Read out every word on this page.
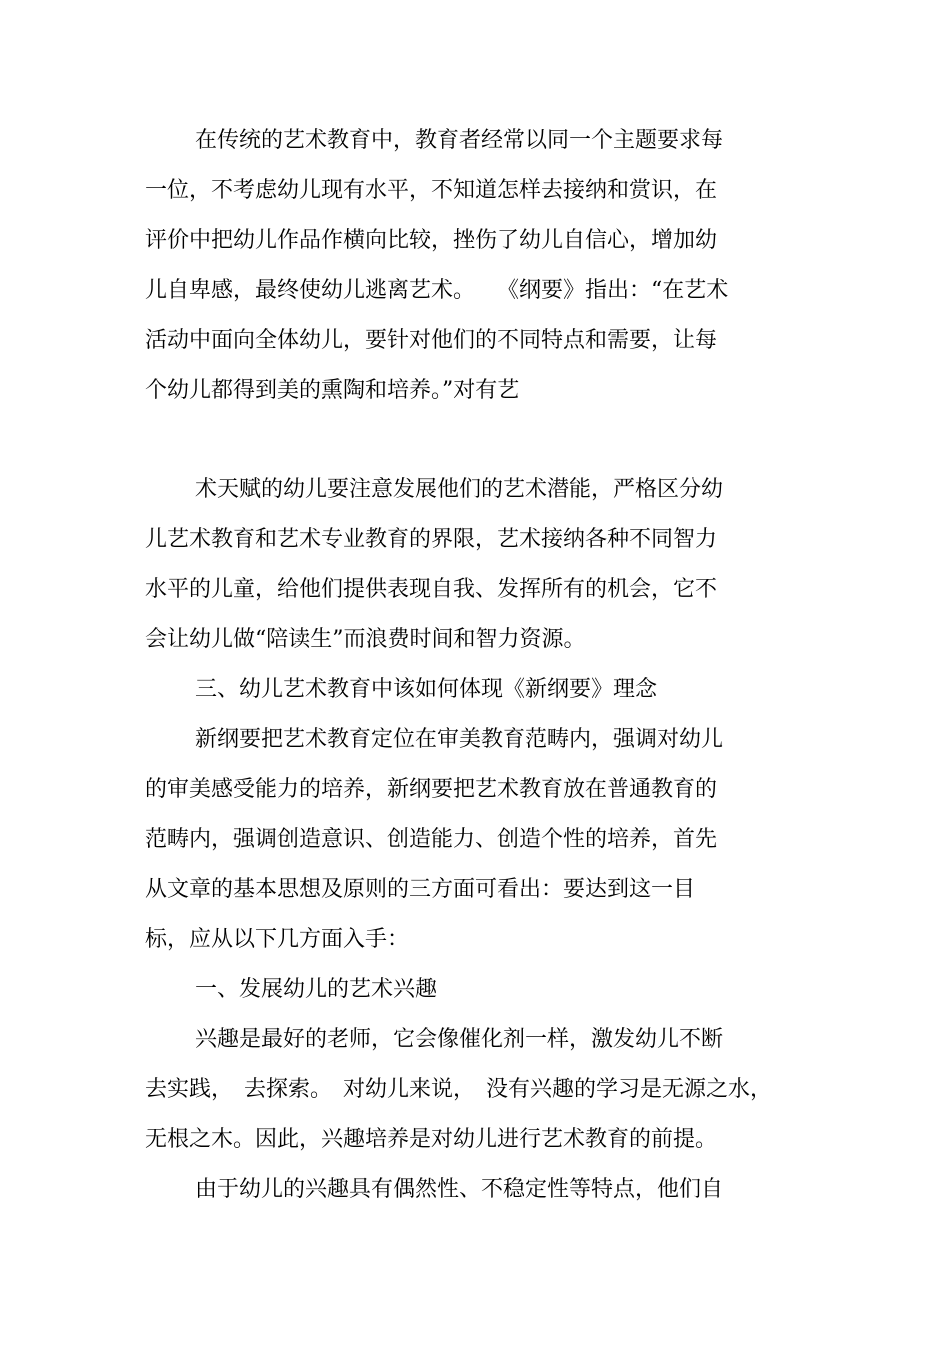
在传统的艺术教育中，教育者经常以同一个主题要求每
一位，不考虑幼儿现有水平，不知道怎样去接纳和赏识，在
评价中把幼儿作品作横向比较，挫伤了幼儿自信心，增加幼
儿自卑感，最终使幼儿逃离艺术。　　《纲要》指出：“在艺术
活动中面向全体幼儿，要针对他们的不同特点和需要，让每
个幼儿都得到美的熏陶和培养。”对有艺
术天赋的幼儿要注意发展他们的艺术潜能，严格区分幼
儿艺术教育和艺术专业教育的界限，艺术接纳各种不同智力
水平的儿童，给他们提供表现自我、发挥所有的机会，它不
会让幼儿做“陪读生”而浪费时间和智力资源。
三、幼儿艺术教育中该如何体现《新纲要》理念
新纲要把艺术教育定位在审美教育范畴内，强调对幼儿
的审美感受能力的培养，新纲要把艺术教育放在普通教育的
范畴内，强调创造意识、创造能力、创造个性的培养，首先
从文章的基本思想及原则的三方面可看出：要达到这一目
标，应从以下几方面入手：
一、发展幼儿的艺术兴趣
兴趣是最好的老师，它会像催化剂一样，激发幼儿不断
去实践，　去探索。　对幼儿来说，　没有兴趣的学习是无源之水，
无根之木。因此，兴趣培养是对幼儿进行艺术教育的前提。
由于幼儿的兴趣具有偶然性、不稳定性等特点，他们自
